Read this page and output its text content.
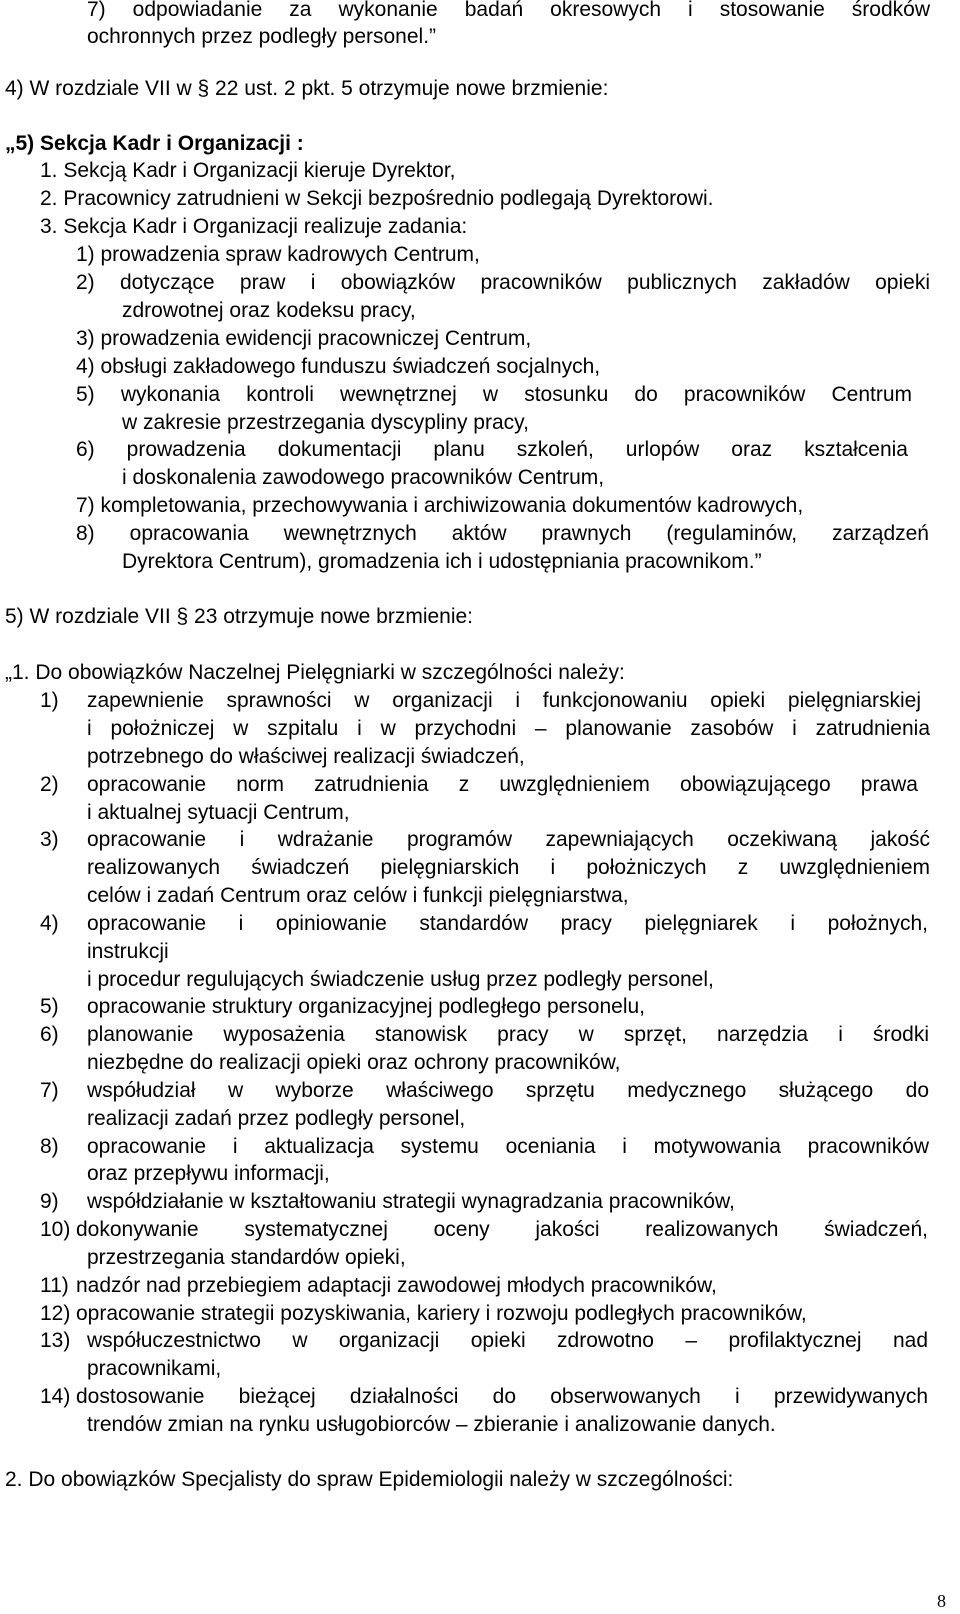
7) odpowiadanie za wykonanie badań okresowych i stosowanie środków
ochronnych przez podległy personel.”
4) W rozdziale VII w § 22 ust. 2 pkt. 5 otrzymuje nowe brzmienie:
„5) Sekcja Kadr i Organizacji :
1. Sekcją Kadr i Organizacji kieruje Dyrektor,
2. Pracownicy zatrudnieni w Sekcji bezpośrednio podlegają Dyrektorowi.
3. Sekcja Kadr i Organizacji realizuje zadania:
1) prowadzenia spraw kadrowych Centrum,
2) dotyczące praw i obowiązków pracowników publicznych zakładów opieki
zdrowotnej oraz kodeksu pracy,
3) prowadzenia ewidencji pracowniczej Centrum,
4) obsługi zakładowego funduszu świadczeń socjalnych,
5) wykonania kontroli wewnętrznej w stosunku do pracowników Centrum
w zakresie przestrzegania dyscypliny pracy,
6) prowadzenia dokumentacji planu szkoleń, urlopów oraz kształcenia
i doskonalenia zawodowego pracowników Centrum,
7) kompletowania, przechowywania i archiwizowania dokumentów kadrowych,
8) opracowania wewnętrznych aktów prawnych (regulaminów, zarządzeń
Dyrektora Centrum), gromadzenia ich i udostępniania pracownikom.”
5) W rozdziale VII § 23 otrzymuje nowe brzmienie:
„1. Do obowiązków Naczelnej Pielęgniarki w szczególności należy:
1) zapewnienie sprawności w organizacji i funkcjonowaniu opieki pielęgniarskiej
i położniczej w szpitalu i w przychodni – planowanie zasobów i zatrudnienia
potrzebnego do właściwej realizacji świadczeń,
2) opracowanie norm zatrudnienia z uwzględnieniem obowiązującego prawa
i aktualnej sytuacji Centrum,
3) opracowanie i wdrażanie programów zapewniających oczekiwaną jakość
realizowanych świadczeń pielęgniarskich i położniczych z uwzględnieniem
celów i zadań Centrum oraz celów i funkcji pielęgniarstwa,
4) opracowanie i opiniowanie standardów pracy pielęgniarek i położnych,
instrukcji
i procedur regulujących świadczenie usług przez podległy personel,
5) opracowanie struktury organizacyjnej podległego personelu,
6) planowanie wyposażenia stanowisk pracy w sprzęt, narzędzia i środki
niezbędne do realizacji opieki oraz ochrony pracowników,
7) współudział w wyborze właściwego sprzętu medycznego służącego do
realizacji zadań przez podległy personel,
8) opracowanie i aktualizacja systemu oceniania i motywowania pracowników
oraz przepływu informacji,
9) współdziałanie w kształtowaniu strategii wynagradzania pracowników,
10) dokonywanie systematycznej oceny jakości realizowanych świadczeń,
przestrzegania standardów opieki,
11) nadzór nad przebiegiem adaptacji zawodowej młodych pracowników,
12) opracowanie strategii pozyskiwania, kariery i rozwoju podległych pracowników,
13) współuczestnictwo w organizacji opieki zdrowotno – profilaktycznej nad
pracownikami,
14) dostosowanie bieżącej działalności do obserwowanych i przewidywanych
trendów zmian na rynku usługobiorców – zbieranie i analizowanie danych.
2. Do obowiązków Specjalisty do spraw Epidemiologii należy w szczególności:
8
